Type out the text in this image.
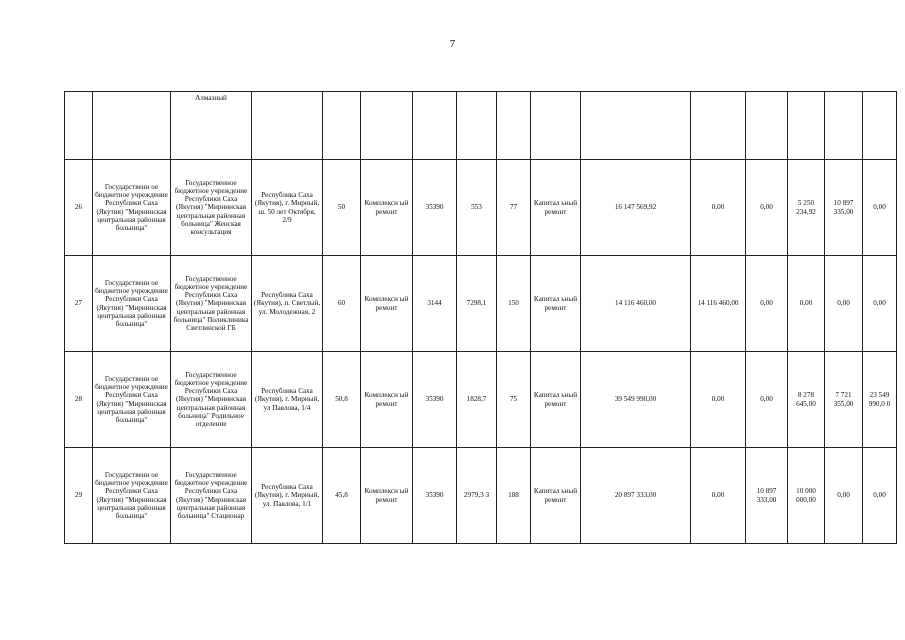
7
		Алмазный													
26	Государственн ое бюджетное учреждение Республики Саха (Якутия) "Мирнинская центральная районная больница"	Государственное бюджетное учреждение Республики Саха (Якутия) "Мирнинская центральная районная больница" Женская консультация	Республика Саха (Якутия), г. Мирный, ш. 50 лет Октября, 2/9	50	Комплексн ый ремонт	35390	553	77	Капитал ьный ремонт	16 147 569,92	0,00	0,00	5 250 234,92	10 897 335,00	0,00
27	Государственн ое бюджетное учреждение Республики Саха (Якутия) "Мирнинская центральная районная больница"	Государственное бюджетное учреждение Республики Саха (Якутия) "Мирнинская центральная районная больница" Поликлиника Светлинской ГБ	Республика Саха (Якутия), п. Светлый, ул. Молодежная, 2	60	Комплексн ый ремонт	3144	7298,1	150	Капитал ьный ремонт	14 116 460,00	14 116 460,00	0,00	0,00	0,00	0,00
28	Государственн ое бюджетное учреждение Республики Саха (Якутия) "Мирнинская центральная районная больница"	Государственное бюджетное учреждение Республики Саха (Якутия) "Мирнинская центральная районная больница" Родильное отделение	Республика Саха (Якутия), г. Мирный, ул Павлова, 1/4	50,8	Комплексн ый ремонт	35390	1828,7	75	Капитал ьный ремонт	39 549 990,00	0,00	0,00	8 278 645,00	7 721 355,00	23 549 990,0 0
29	Государственн ое бюджетное учреждение Республики Саха (Якутия) "Мирнинская центральная районная больница"	Государственное бюджетное учреждение Республики Саха (Якутия) "Мирнинская центральная районная больница" Стационар	Республика Саха (Якутия), г. Мирный, ул. Павлова, 1/1	45,8	Комплексн ый ремонт	35390	2979,3 3	188	Капитал ьный ремонт	20 897 333,00	0,00	10 897 333,00	10 000 000,00	0,00	0,00
